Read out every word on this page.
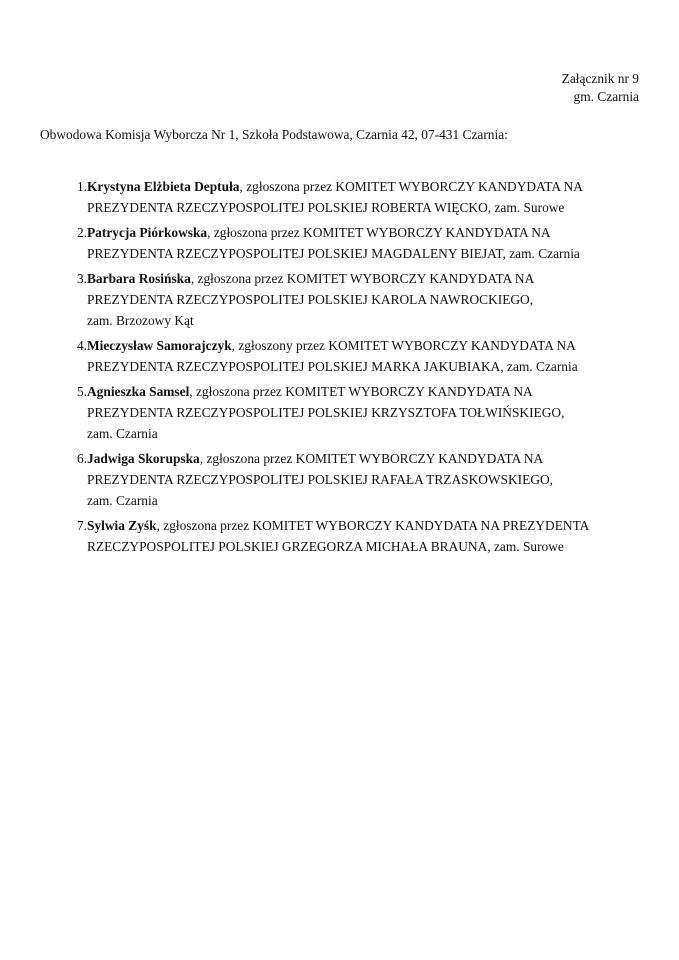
Załącznik nr 9
gm. Czarnia
Obwodowa Komisja Wyborcza Nr 1, Szkoła Podstawowa, Czarnia 42, 07-431 Czarnia:
1. Krystyna Elżbieta Deptuła, zgłoszona przez KOMITET WYBORCZY KANDYDATA NA
PREZYDENTA RZECZYPOSPOLITEJ POLSKIEJ ROBERTA WIĘCKO, zam. Surowe
2. Patrycja Piórkowska, zgłoszona przez KOMITET WYBORCZY KANDYDATA NA
PREZYDENTA RZECZYPOSPOLITEJ POLSKIEJ MAGDALENY BIEJAT, zam. Czarnia
3. Barbara Rosińska, zgłoszona przez KOMITET WYBORCZY KANDYDATA NA
PREZYDENTA RZECZYPOSPOLITEJ POLSKIEJ KAROLA NAWROCKIEGO,
zam. Brzozowy Kąt
4. Mieczysław Samorajczyk, zgłoszony przez KOMITET WYBORCZY KANDYDATA NA
PREZYDENTA RZECZYPOSPOLITEJ POLSKIEJ MARKA JAKUBIAKA, zam. Czarnia
5. Agnieszka Samsel, zgłoszona przez KOMITET WYBORCZY KANDYDATA NA
PREZYDENTA RZECZYPOSPOLITEJ POLSKIEJ KRZYSZTOFA TOŁWIŃSKIEGO,
zam. Czarnia
6. Jadwiga Skorupska, zgłoszona przez KOMITET WYBORCZY KANDYDATA NA
PREZYDENTA RZECZYPOSPOLITEJ POLSKIEJ RAFAŁA TRZASKOWSKIEGO,
zam. Czarnia
7. Sylwia Zyśk, zgłoszona przez KOMITET WYBORCZY KANDYDATA NA PREZYDENTA
RZECZYPOSPOLITEJ POLSKIEJ GRZEGORZA MICHAŁA BRAUNA, zam. Surowe
